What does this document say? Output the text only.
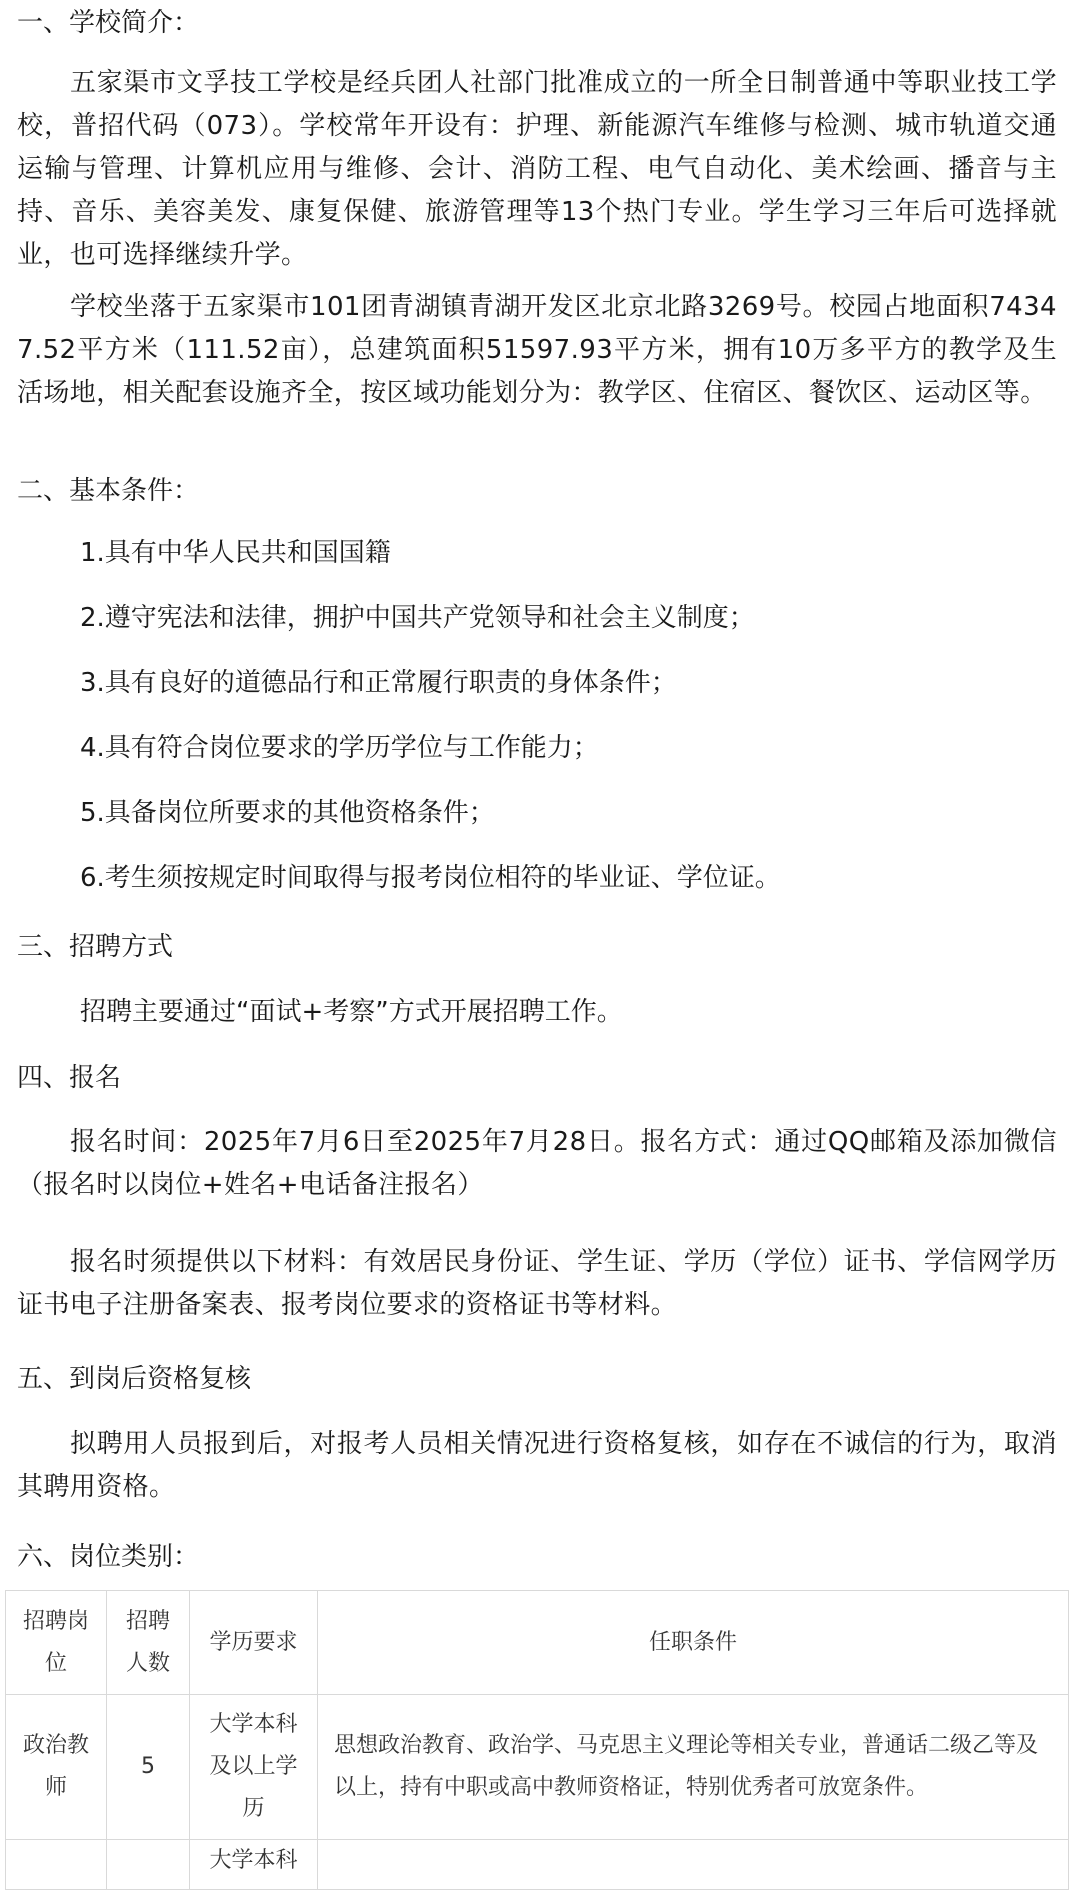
一、学校简介：

五家渠市文孚技工学校是经兵团人社部门批准成立的一所全日制普通中等职业技工学校，普招代码（073）。学校常年开设有：护理、新能源汽车维修与检测、城市轨道交通运输与管理、计算机应用与维修、会计、消防工程、电气自动化、美术绘画、播音与主持、音乐、美容美发、康复保健、旅游管理等13个热门专业。学生学习三年后可选择就业，也可选择继续升学。

学校坐落于五家渠市101团青湖镇青湖开发区北京北路3269号。校园占地面积74347.52平方米（111.52亩），总建筑面积51597.93平方米，拥有10万多平方的教学及生活场地，相关配套设施齐全，按区域功能划分为：教学区、住宿区、餐饮区、运动区等。

二、基本条件：

1.具有中华人民共和国国籍

2.遵守宪法和法律，拥护中国共产党领导和社会主义制度；

3.具有良好的道德品行和正常履行职责的身体条件；

4.具有符合岗位要求的学历学位与工作能力；

5.具备岗位所要求的其他资格条件；

6.考生须按规定时间取得与报考岗位相符的毕业证、学位证。

三、招聘方式

招聘主要通过“面试+考察”方式开展招聘工作。

四、报名

报名时间：2025年7月6日至2025年7月28日。报名方式：通过QQ邮箱及添加微信（报名时以岗位+姓名+电话备注报名）

报名时须提供以下材料：有效居民身份证、学生证、学历（学位）证书、学信网学历证书电子注册备案表、报考岗位要求的资格证书等材料。

五、到岗后资格复核

拟聘用人员报到后，对报考人员相关情况进行资格复核，如存在不诚信的行为，取消其聘用资格。

六、岗位类别：

招聘岗位	招聘人数	学历要求	任职条件
政治教师	5	大学本科及以上学历	思想政治教育、政治学、马克思主义理论等相关专业，普通话二级乙等及以上，持有中职或高中教师资格证，特别优秀者可放宽条件。
		大学本科	
